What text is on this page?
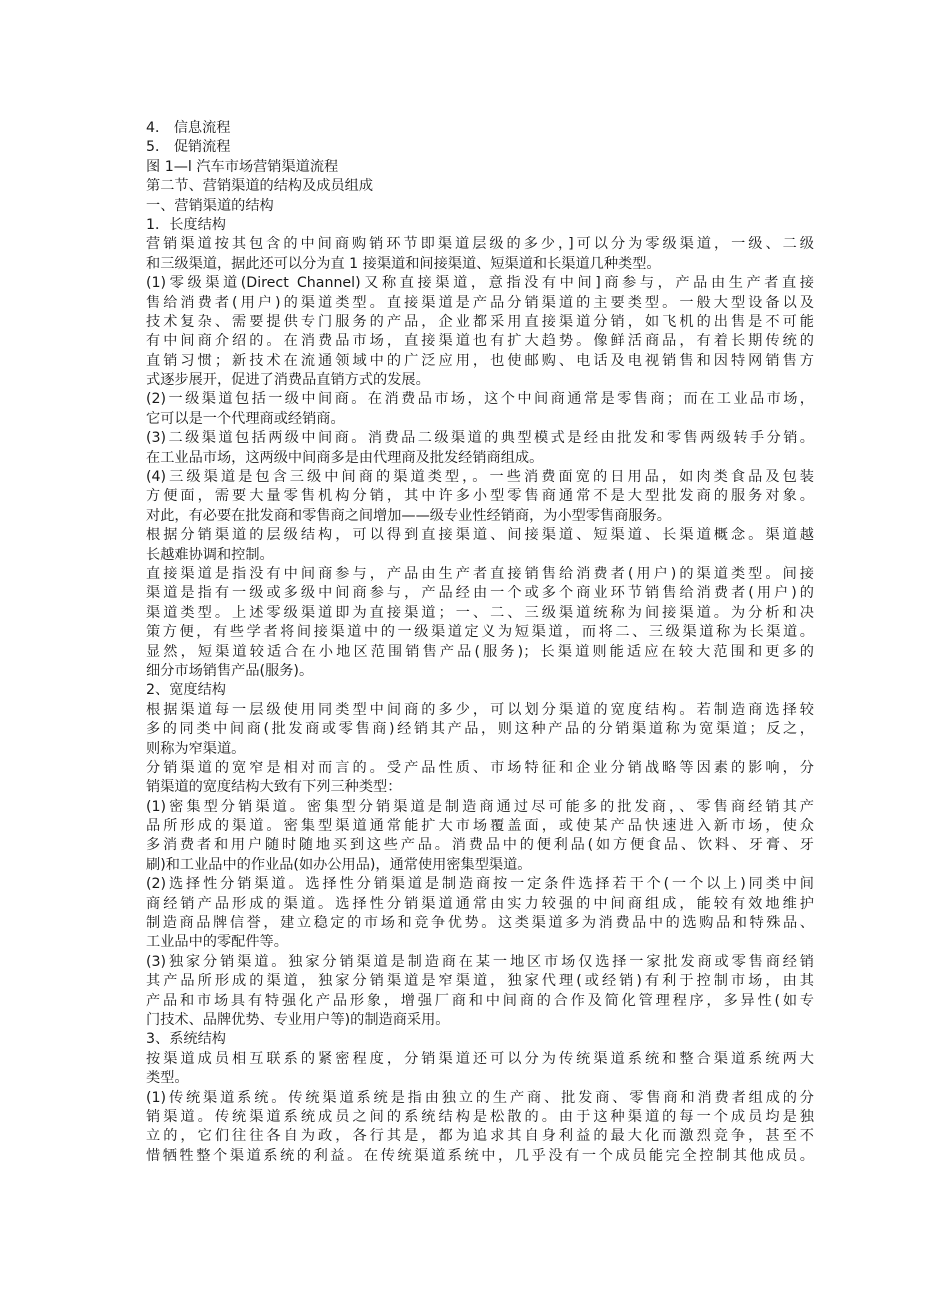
4． 信息流程
5． 促销流程
图 1—l 汽车市场营销渠道流程
第二节、营销渠道的结构及成员组成
一、营销渠道的结构
1．长度结构
营销渠道按其包含的中间商购销环节即渠道层级的多少，]可以分为零级渠道，一级、二级
和三级渠道，据此还可以分为直 1 接渠道和间接渠道、短渠道和长渠道几种类型。
(1)零级渠道(Direct Channel)又称直接渠道，意指没有中间]商参与，产品由生产者直接
售给消费者(用户)的渠道类型。直接渠道是产品分销渠道的主要类型。一般大型设备以及
技术复杂、需要提供专门服务的产品，企业都采用直接渠道分销，如飞机的出售是不可能
有中间商介绍的。在消费品市场，直接渠道也有扩大趋势。像鲜活商品，有着长期传统的
直销习惯；新技术在流通领域中的广泛应用，也使邮购、电话及电视销售和因特网销售方
式逐步展开，促进了消费品直销方式的发展。
(2)一级渠道包括一级中间商。在消费品市场，这个中间商通常是零售商；而在工业品市场，
它可以是一个代理商或经销商。
(3)二级渠道包括两级中间商。消费品二级渠道的典型模式是经由批发和零售两级转手分销。
在工业品市场，这两级中间商多是由代理商及批发经销商组成。
(4)三级渠道是包含三级中间商的渠道类型，。一些消费面宽的日用品，如肉类食品及包装
方便面，需要大量零售机构分销，其中许多小型零售商通常不是大型批发商的服务对象。
对此，有必要在批发商和零售商之间增加——级专业性经销商，为小型零售商服务。
根据分销渠道的层级结构，可以得到直接渠道、间接渠道、短渠道、长渠道概念。渠道越
长越难协调和控制。
直接渠道是指没有中间商参与，产品由生产者直接销售给消费者(用户)的渠道类型。间接
渠道是指有一级或多级中间商参与，产品经由一个或多个商业环节销售给消费者(用户)的
渠道类型。上述零级渠道即为直接渠道；一、二、三级渠道统称为间接渠道。为分析和决
策方便，有些学者将间接渠道中的一级渠道定义为短渠道，而将二、三级渠道称为长渠道。
显然，短渠道较适合在小地区范围销售产品(服务)；长渠道则能适应在较大范围和更多的
细分市场销售产品(服务)。
2、宽度结构
根据渠道每一层级使用同类型中间商的多少，可以划分渠道的宽度结构。若制造商选择较
多的同类中间商(批发商或零售商)经销其产品，则这种产品的分销渠道称为宽渠道；反之，
则称为窄渠道。
分销渠道的宽窄是相对而言的。受产品性质、市场特征和企业分销战略等因素的影响，分
销渠道的宽度结构大致有下列三种类型：
(1)密集型分销渠道。密集型分销渠道是制造商通过尽可能多的批发商，、零售商经销其产
品所形成的渠道。密集型渠道通常能扩大市场覆盖面，或使某产品快速进入新市场，使众
多消费者和用户随时随地买到这些产品。消费品中的便利品(如方便食品、饮料、牙膏、牙
刷)和工业品中的作业品(如办公用品)，通常使用密集型渠道。
(2)选择性分销渠道。选择性分销渠道是制造商按一定条件选择若干个(一个以上)同类中间
商经销产品形成的渠道。选择性分销渠道通常由实力较强的中间商组成，能较有效地维护
制造商品牌信誉，建立稳定的市场和竞争优势。这类渠道多为消费品中的选购品和特殊品、
工业品中的零配件等。
(3)独家分销渠道。独家分销渠道是制造商在某一地区市场仅选择一家批发商或零售商经销
其产品所形成的渠道，独家分销渠道是窄渠道，独家代理(或经销)有利于控制市场，由其
产品和市场具有特强化产品形象，增强厂商和中间商的合作及简化管理程序，多异性(如专
门技术、品牌优势、专业用户等)的制造商采用。
3、系统结构
按渠道成员相互联系的紧密程度，分销渠道还可以分为传统渠道系统和整合渠道系统两大
类型。
(1)传统渠道系统。传统渠道系统是指由独立的生产商、批发商、零售商和消费者组成的分
销渠道。传统渠道系统成员之间的系统结构是松散的。由于这种渠道的每一个成员均是独
立的，它们往往各自为政，各行其是，都为追求其自身利益的最大化而激烈竞争，甚至不
惜牺牲整个渠道系统的利益。在传统渠道系统中，几乎没有一个成员能完全控制其他成员。
